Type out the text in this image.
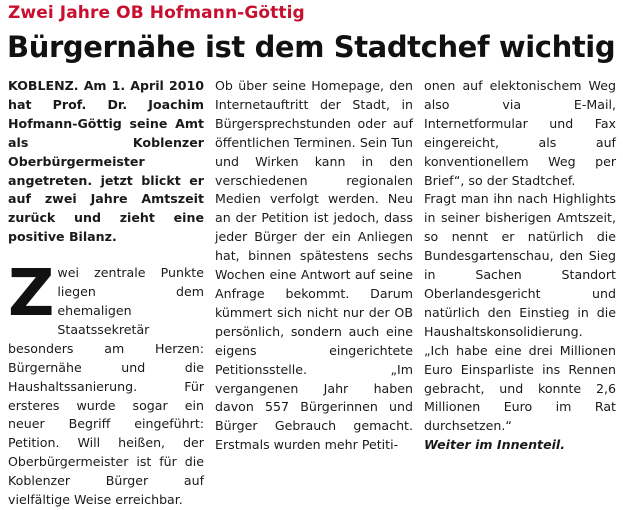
Zwei Jahre OB Hofmann-Göttig
Bürgernähe ist dem Stadtchef wichtig

KOBLENZ. Am 1. April 2010 hat Prof. Dr. Joachim Hofmann-Göttig seine Amt als Koblenzer Oberbürgermeister angetreten. jetzt blickt er auf zwei Jahre Amtszeit zurück und zieht eine positive Bilanz.

Zwei zentrale Punkte liegen dem ehemaligen Staatssekretär besonders am Herzen: Bürgernähe und die Haushaltssanierung. Für ersteres wurde sogar ein neuer Begriff eingeführt: Petition. Will heißen, der Oberbürgermeister ist für die Koblenzer Bürger auf vielfältige Weise erreichbar.

Ob über seine Homepage, den Internetauftritt der Stadt, in Bürgersprechstunden oder auf öffentlichen Terminen. Sein Tun und Wirken kann in den verschiedenen regionalen Medien verfolgt werden. Neu an der Petition ist jedoch, dass jeder Bürger der ein Anliegen hat, binnen spätestens sechs Wochen eine Antwort auf seine Anfrage bekommt. Darum kümmert sich nicht nur der OB persönlich, sondern auch eine eigens eingerichtete Petitionsstelle. „Im vergangenen Jahr haben davon 557 Bürgerinnen und Bürger Gebrauch gemacht. Erstmals wurden mehr Petiti-

onen auf elektonischem Weg also via E-Mail, Internetformular und Fax eingereicht, als auf konventionellem Weg per Brief“, so der Stadtchef.

Fragt man ihn nach Highlights in seiner bisherigen Amtszeit, so nennt er natürlich die Bundesgartenschau, den Sieg in Sachen Standort Oberlandesgericht und natürlich den Einstieg in die Haushaltskonsolidierung.

„Ich habe eine drei Millionen Euro Einsparliste ins Rennen gebracht, und konnte 2,6 Millionen Euro im Rat durchsetzen.“

Weiter im Innenteil.
